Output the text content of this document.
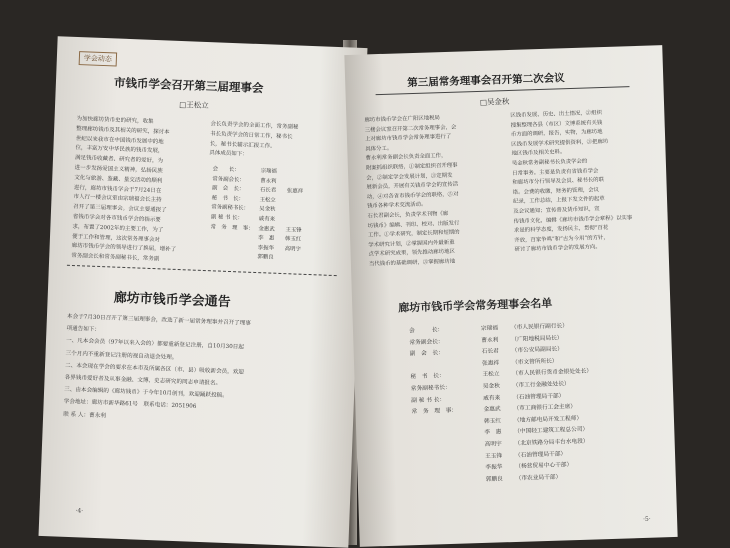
学会动态
市钱币学会召开第三届理事会
□王松立
为加快廊坊货币史的研究，收集
整理廊坊钱币及其相关的研究，探讨本
世纪以来我市在中国钱币发展中的地
位，丰富万安中华民族的钱币发展，
满足钱币收藏者、研究者的爱好，为
进一步发扬爱国主义精神，弘扬民族
文化与旅游、鉴藏、量交活动的顺利
进行，廊坊市钱币学会于7月24日在
市人行一楼会议室由宗瑞福会长主持
召开了第三届理事会。会议主要通报了
省钱币学会对各市钱币学会的指示要
求，布置了2002年的主要工作，为了
便于工作和管理，这次常务理事会对
廊坊市钱币学会的领导进行了换届，增补了
常务副会长和常务副秘书长，常务副
会长负责学会的全面工作，常务副秘
书长负责学会的日常工作，秘书长
长，秘书长辅示汇报工作。
具体成员如下：
会　　长：	宗瑞福
常务副会长：	曹永利
副　会　长：	石长君　　张惠祥
秘　书　长：	王松立
常务副秘书长： 吴金秋
副 秘 书 长：	戚有来
常　务　理　事： 金惠武　　王玉锋
李　惠　　韩玉红
李振华　　高明宇
郭鹏良
廊坊市钱币学会通告
本会于7月30日召开了第三届理事会，改选了新一届常务理事并召开了理事
项通告如下：
一、凡本会会员（97年以来入会的）都要重新登记注册，自10月30日起
三个月内不重新登记注册的视自动退会处理。
二、本会现在学会的要求在本市及所属各区（市、县）吸收新会员，欢迎
各界钱币爱好者及从事金融、文博、史志研究的同志申请报名。
三、由本会编辑的《廊坊钱币》于今年10月创刊，欢迎踊跃投稿。
学会地址：廊坊市新华路61号　联系电话：2051906
联 系 人：曹永利
·4·
第三届常务理事会召开第二次会议
□吴金秋
廊坊市钱币学会在广阳区地税局
三楼会议室召开第二次常务理事会，会
上对廊坊市钱币学会常务理事进行了
具体分工。
曹永利常务副会长负责全面工作，
附案抓组织联络，①制定组织召开理事
会，②制定学会发展计划，③定期发
展新会员，开展有关钱币学会的宣传活
动，④对各省市钱币学会的联络，⑤对
钱币各种学术交流活动。
石长君副会长，负责学术刊物《廊
坊钱币》编辑、刊印、校对、出版发行
工作。①学术研究，制定长期和短期的
学术研究计划，②掌握国内外最新重
点学术研究成果，领先推动廊坊地区
当代钱币的基础调研，③掌握廊坊地
区钱币发展、历史、出土情况，②组织
搜集整理各县（市区）文博系统有关钱
币方面的调研，报告，实物，为廊坊地
区钱币发展学术研究提供资料，③把廊坊
地区钱币及相关史料。
吴金秋常务副秘书长负责学会的
日常事务。主要是负责有省钱币学会
和廊坊市分行领导及会员、秘书长的联
络。会费的收缴，财务的管理，会议
纪录，工作总结，上报下发文件的起草
及会议通知；宣传普及货币知识，宣
传钱币文化，编辑《廊坊市钱币学会章程》以实事
求是的科学态度，发扬民主，贯彻“百花
齐放，百家争鸣”和“古为今用”的方针，
研讨了廊坊市钱币学会的发展方向。
廊坊市钱币学会常务理事会名单
会　　　长：	宗瑞福 （市人民银行副行长）
常务副会长：	曹永利 （广阳地税局局长）
副　会　长：	石长君 （市公安局副局长）
张惠祥 （市文管所所长）
秘　书　长：	王松立 （市人民银行货币金银处处长）
常务副秘书长：	吴金秋 （市工行金融处处长）
副 秘 书 长：	戚有来 （石油管理局干部）
常　务　理　事：	金惠武 （市工商银行工会主席）
韩玉红 （地方邮电局开发工程师）
李　惠 （中国轻工建筑工程总公司）
高明宇 （北京铁路分局丰台水电段）
王玉锋 （石油管理局干部）
李振华 （杨营贸易中心干部）
郭鹏良 （市农业局干部）
·5·
